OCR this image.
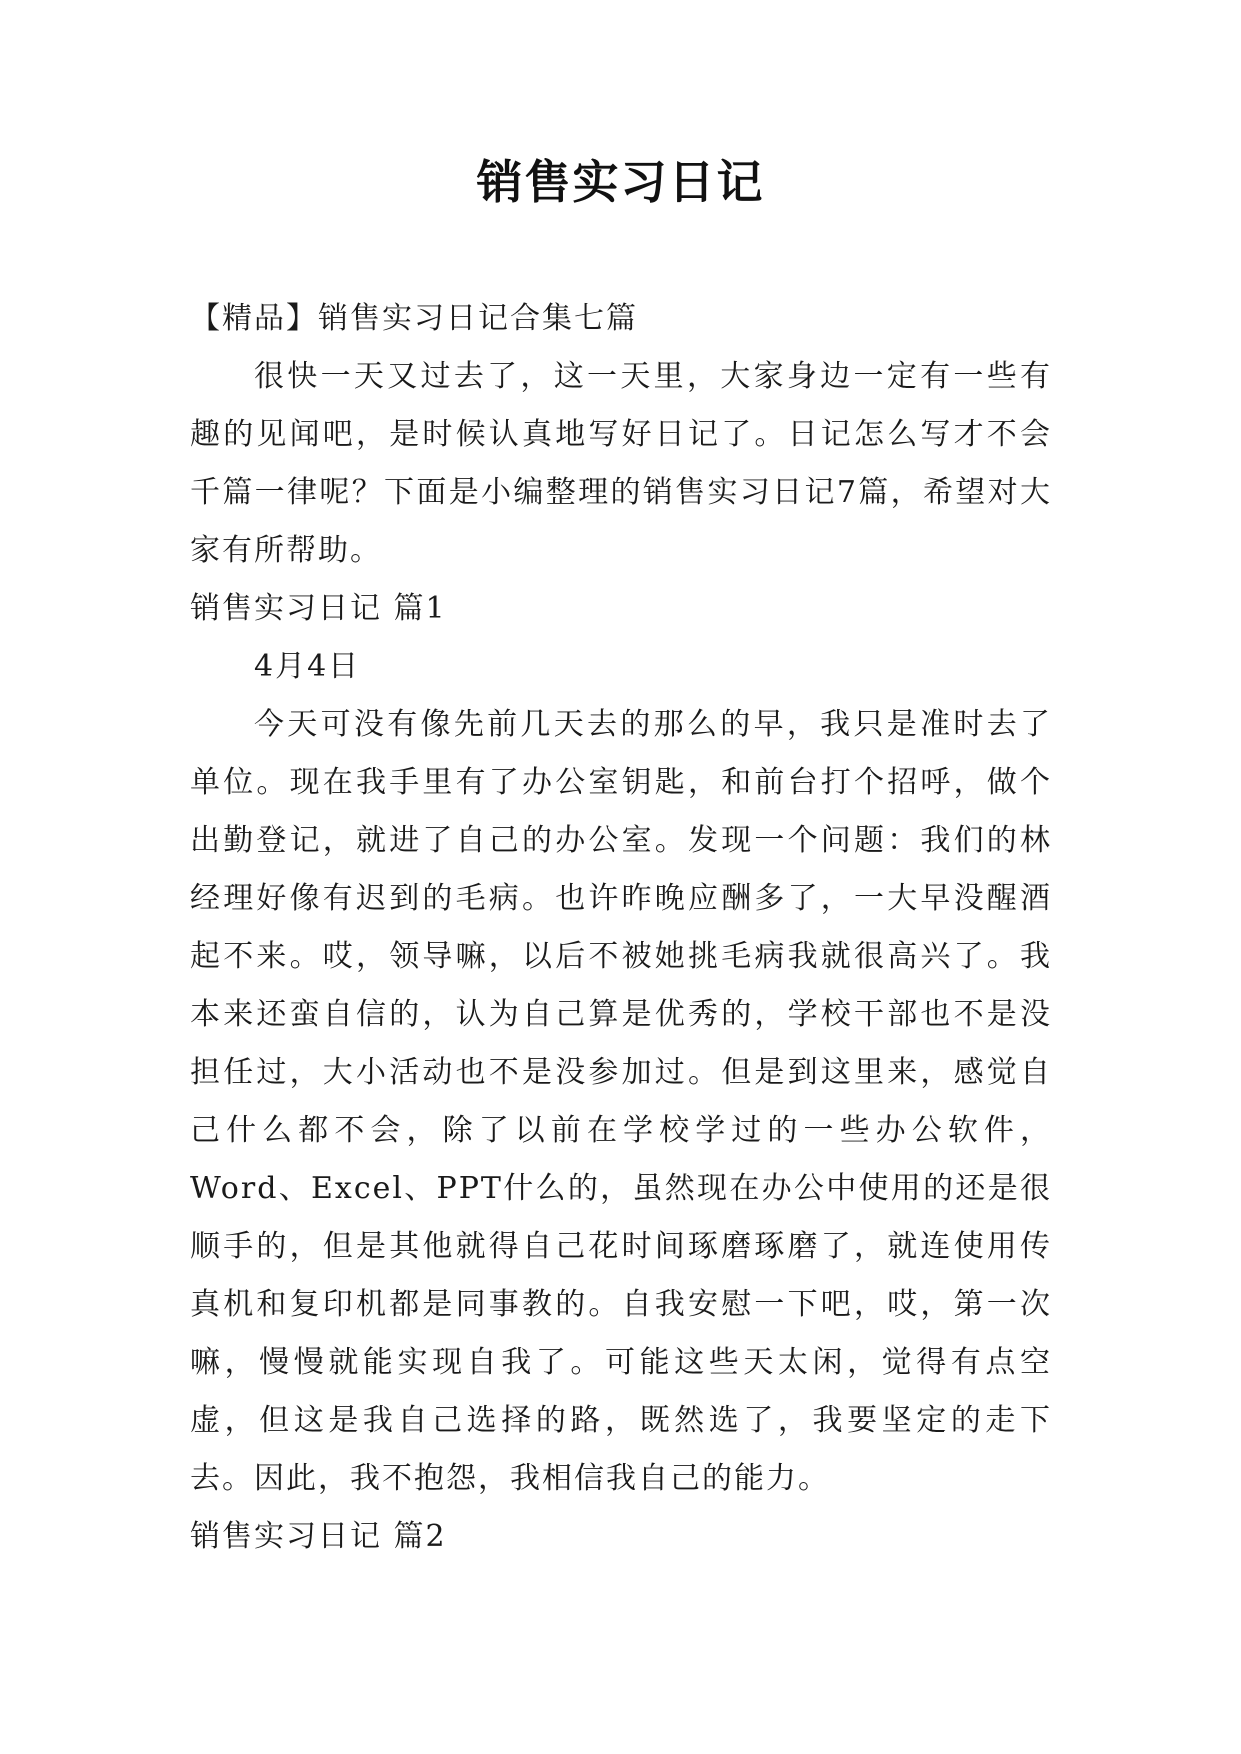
销售实习日记

【精品】销售实习日记合集七篇

很快一天又过去了，这一天里，大家身边一定有一些有趣的见闻吧，是时候认真地写好日记了。日记怎么写才不会千篇一律呢？下面是小编整理的销售实习日记7篇，希望对大家有所帮助。

销售实习日记 篇1

4月4日

今天可没有像先前几天去的那么的早，我只是准时去了单位。现在我手里有了办公室钥匙，和前台打个招呼，做个出勤登记，就进了自己的办公室。发现一个问题：我们的林经理好像有迟到的毛病。也许昨晚应酬多了，一大早没醒酒起不来。哎，领导嘛，以后不被她挑毛病我就很高兴了。我本来还蛮自信的，认为自己算是优秀的，学校干部也不是没担任过，大小活动也不是没参加过。但是到这里来，感觉自己什么都不会，除了以前在学校学过的一些办公软件，Word、Excel、PPT什么的，虽然现在办公中使用的还是很顺手的，但是其他就得自己花时间琢磨琢磨了，就连使用传真机和复印机都是同事教的。自我安慰一下吧，哎，第一次嘛，慢慢就能实现自我了。可能这些天太闲，觉得有点空虚，但这是我自己选择的路，既然选了，我要坚定的走下去。因此，我不抱怨，我相信我自己的能力。

销售实习日记 篇2
